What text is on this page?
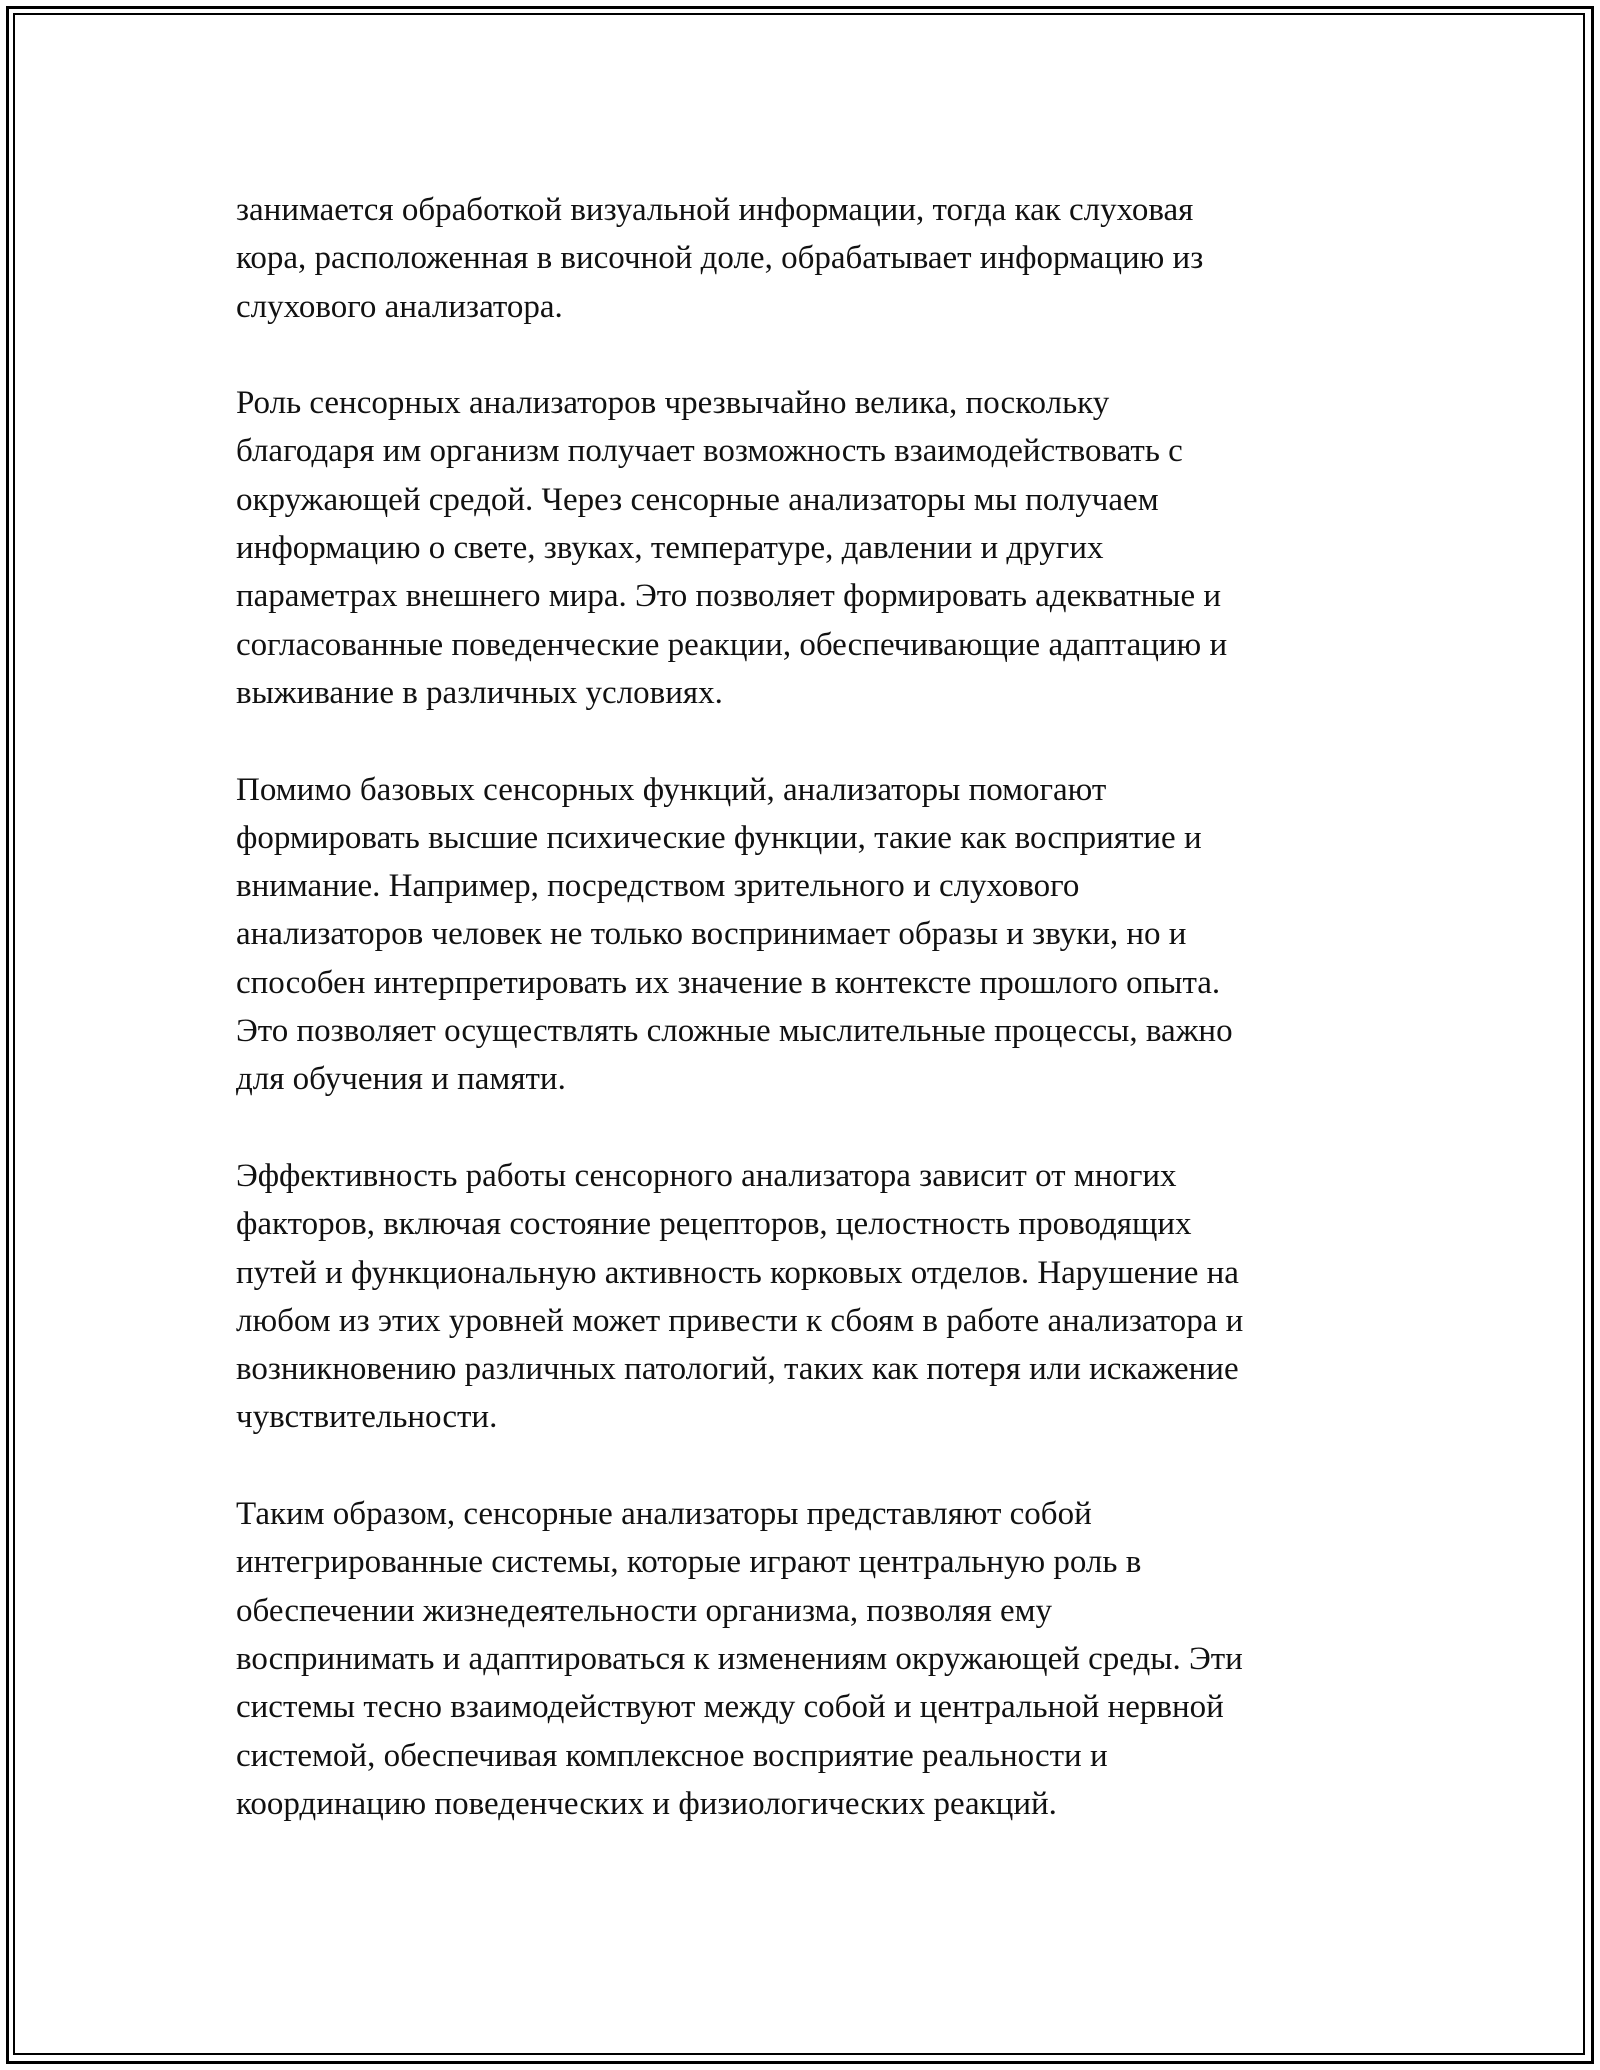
занимается обработкой визуальной информации, тогда как слуховая
кора, расположенная в височной доле, обрабатывает информацию из
слухового анализатора.

Роль сенсорных анализаторов чрезвычайно велика, поскольку
благодаря им организм получает возможность взаимодействовать с
окружающей средой. Через сенсорные анализаторы мы получаем
информацию о свете, звуках, температуре, давлении и других
параметрах внешнего мира. Это позволяет формировать адекватные и
согласованные поведенческие реакции, обеспечивающие адаптацию и
выживание в различных условиях.

Помимо базовых сенсорных функций, анализаторы помогают
формировать высшие психические функции, такие как восприятие и
внимание. Например, посредством зрительного и слухового
анализаторов человек не только воспринимает образы и звуки, но и
способен интерпретировать их значение в контексте прошлого опыта.
Это позволяет осуществлять сложные мыслительные процессы, важно
для обучения и памяти.

Эффективность работы сенсорного анализатора зависит от многих
факторов, включая состояние рецепторов, целостность проводящих
путей и функциональную активность корковых отделов. Нарушение на
любом из этих уровней может привести к сбоям в работе анализатора и
возникновению различных патологий, таких как потеря или искажение
чувствительности.

Таким образом, сенсорные анализаторы представляют собой
интегрированные системы, которые играют центральную роль в
обеспечении жизнедеятельности организма, позволяя ему
воспринимать и адаптироваться к изменениям окружающей среды. Эти
системы тесно взаимодействуют между собой и центральной нервной
системой, обеспечивая комплексное восприятие реальности и
координацию поведенческих и физиологических реакций.
